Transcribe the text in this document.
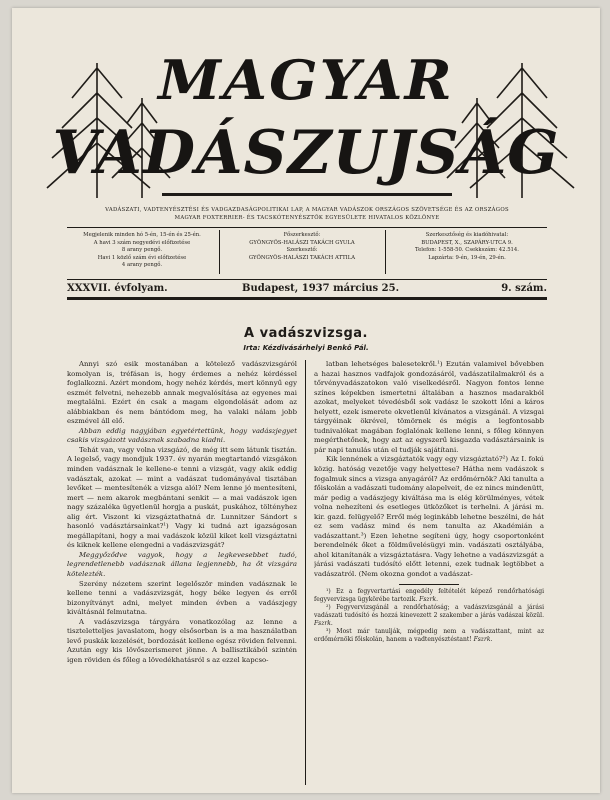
MAGYAR
VADÁSZUJSÁG
VADÁSZATI, VADTENYÉSZTÉSI ÉS VADGAZDASÁGPOLITIKAI LAP, A MAGYAR VADÁSZOK ORSZÁGOS SZÖVETSÉGE ÉS AZ ORSZÁGOS
MAGYAR FOXTERRIER- ÉS TACSKÓTENYÉSZTŐK EGYESÜLETE HIVATALOS KÖZLÖNYE
Megjelenik minden hó 5-én, 15-én és 25-én.
A havi 3 szám negyedévi előfizetése
8 arany pengő.
Havi 1 közlő szám évi előfizetése
4 arany pengő.
Főszerkesztő:
GYÖNGYÖS-HALÁSZI TAKÁCH GYULA
Szerkesztő:
GYÖNGYÖS-HALÁSZI TAKÁCH ATTILA
Szerkesztőség és kiadóhivatal:
BUDAPEST, X., SZAPÁRY-UTCA 9.
Telefon: 1-558-50. Csekkszám: 42.514.
Lapzárta: 9-én, 19-én, 29-én.
XXXVII. évfolyam.	Budapest, 1937 március 25.	9. szám.
A vadászvizsga.
Irta: Kézdivásárhelyi Benkő Pál.

Annyi szó esik mostanában a kötelező vadászvizsgáról komolyan is, tréfásan is, hogy érdemes a nehéz kérdéssel foglalkozni. Azért mondom, hogy nehéz kérdés, mert könnyű egy eszmét felvetni, nehezebb annak megvalósítása az egyenes mai megtalálni. Ezért én csak a magam elgondolását adom az alábbiakban és nem bántódom meg, ha valaki nálam jobb eszmével áll elő.

Abban eddig nagyjában egyetértettünk, hogy vadászjegyet csakis vizsgázott vadásznak szabadna kiadni.

Tehát van, vagy volna vizsgázó, de még itt sem látunk tisztán. A legelső, vagy mondjuk 1937. év nyarán megtartandó vizsgákon minden vadásznak le kellene-e tenni a vizsgát, vagy akik eddig vadásztak, azokat — mint a vadászat tudományával tisztában levőket — mentesítenék a vizsga alól? Nem lenne jó mentesíteni, mert — nem akarok megbántani senkit — a mai vadászok igen nagy százaléka ügyetlenül horgja a puskát, puskához, töltényhez alig ért. Viszont ki vizsgáztathatná dr. Lunnitzer Sándort s hasonló vadásztársainkat?¹) Vagy ki tudná azt igazságosan megállapítani, hogy a mai vadászok közül kiket kell vizsgáztatni és kiknek kellene elengedni a vadászvizsgát?

Meggyőződve vagyok, hogy a legkevesebbet tudó, legrendetlenebb vadásznak állana legjennebb, ha őt vizsgára kötelezték.

Szerény nézetem szerint legelőször minden vadásznak le kellene tenni a vadászvizsgát, hogy béke legyen és erről bizonyítványt adni, melyet minden évben a vadászjegy kiváltásnál felmutatna.

A vadászvizsga tárgyára vonatkozólag az lenne a tiszteletteljes javaslatom, hogy elsősorban is a ma használatban levő puskák kezelését, bordozását kellene egész röviden felvenni. Azután egy kis lövőszerismeret jönne. A ballisztikából szintén igen röviden és főleg a lövedékhatásról s az ezzel kapcso-

latban lehetséges balesetekről.¹) Ezután valamivel bővebben a hazai hasznos vadfajok gondozásáról, vadászatilalmakról és a tőrvényvadászatokon való viselkedésről. Nagyon fontos lenne színes képekben ismertetni általában a hasznos madarakból azokat, melyeket tévedésből sok vadász le szokott lőni a káros helyett, ezek ismerete okvetlenül kívánatos a vizsgánál. A vizsgai tárgyéinak ökrével, tömörnek és mégis a legfontosabb tudnivalókat magában foglalónak kellene lenni, s főleg könnyen megérthetőnek, hogy azt az egyszerű kisgazda vadásztársaink is pár napi tanulás után el tudják sajátítani.

Kik lennének a vizsgáztatók vagy egy vizsgáztató?²) Az I. fokú közig. hatóság vezetője vagy helyettese? Hátha nem vadászok s fogalmuk sincs a vizsga anyagáról? Az erdőmérnök? Aki tanulta a főiskolán a vadászati tudomány alapelveit, de ez nincs mindenütt, már pedig a vadászjegy kiváltása ma is elég körülményes, vétek volna nehezíteni és esetleges ütközőket is terhelni. A járási m. kir. gazd. felügyelő? Erről még leginkább lehetne beszélni, de hát ez sem vadász mind és nem tanulta az Akadémián a vadászattant.³) Ezen lehetne segíteni úgy, hogy csoportonként berendelnék őket a földművelésügyi min. vadászati osztályába, ahol kitanítanák a vizsgáztatásra. Vagy lehetne a vadászvizsgát a járási vadászati tudósító előtt letenni, ezek tudnak legtöbbet a vadászatról. (Nem okozna gondot a vadászat-

¹) Ez a fegyvertartási engedély feltételét képező rendőrhatósági fegyvervizsga ügykörébe tartozik. Fszrk.

²) Fegyvervizsgánál a rendőrhatóság; a vadászvizsgánál a járási vadászati tudósító és hozzá kinevezett 2 szakember a járás vadászai közül. Fszrk.

³) Most már tanulják, mégpedig nem a vadászattant, mint az erdőmérnöki főiskolán, hanem a vadtenyésztéstant! Fszrk.
